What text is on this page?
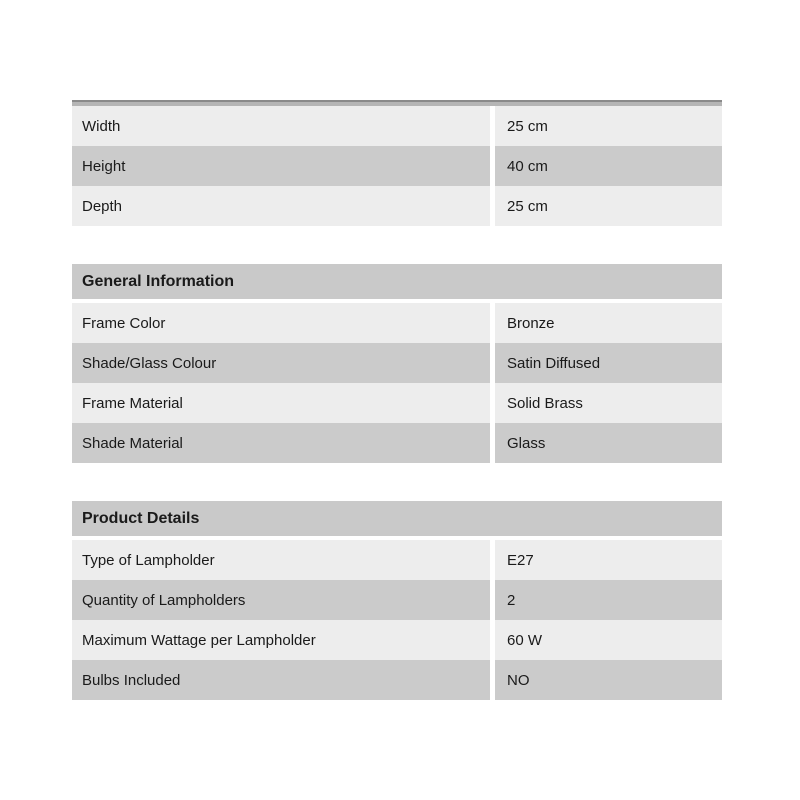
Width	25 cm
Height	40 cm
Depth	25 cm
General Information
Frame Color	Bronze
Shade/Glass Colour	Satin Diffused
Frame Material	Solid Brass
Shade Material	Glass
Product Details
Type of Lampholder	E27
Quantity of Lampholders	2
Maximum Wattage per Lampholder	60 W
Bulbs Included	NO
